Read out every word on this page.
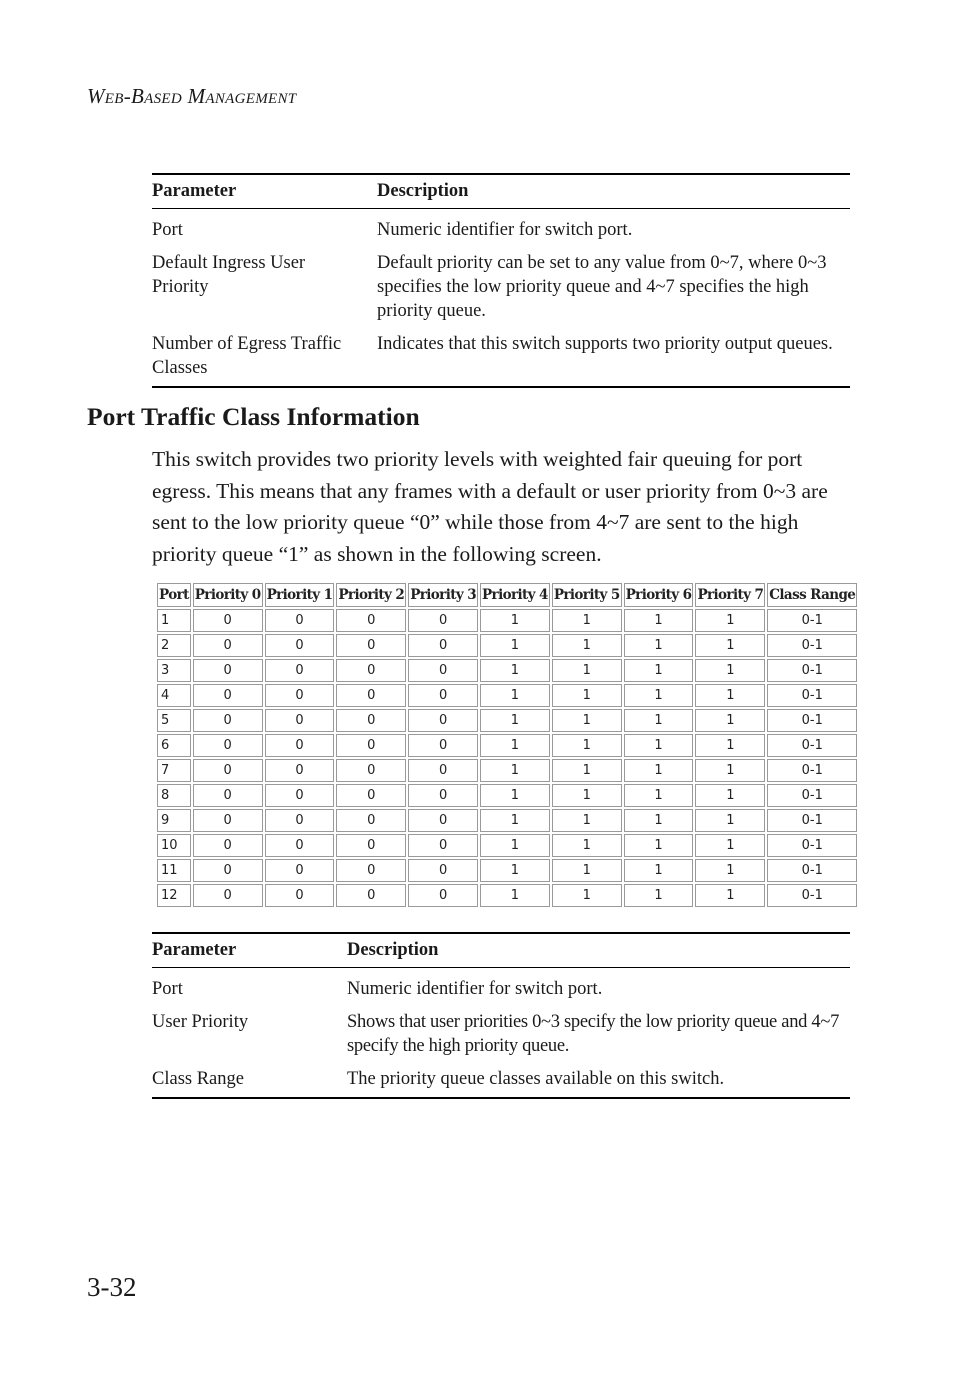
WEB-BASED MANAGEMENT
Parameter	Description
Port	Numeric identifier for switch port.
Default Ingress User Priority	Default priority can be set to any value from 0~7, where 0~3 specifies the low priority queue and 4~7 specifies the high priority queue.
Number of Egress Traffic Classes	Indicates that this switch supports two priority output queues.
Port Traffic Class Information

This switch provides two priority levels with weighted fair queuing for port egress. This means that any frames with a default or user priority from 0~3 are sent to the low priority queue “0” while those from 4~7 are sent to the high priority queue “1” as shown in the following screen.

Port	Priority 0	Priority 1	Priority 2	Priority 3	Priority 4	Priority 5	Priority 6	Priority 7	Class Range
1	0	0	0	0	1	1	1	1	0-1
2	0	0	0	0	1	1	1	1	0-1
3	0	0	0	0	1	1	1	1	0-1
4	0	0	0	0	1	1	1	1	0-1
5	0	0	0	0	1	1	1	1	0-1
6	0	0	0	0	1	1	1	1	0-1
7	0	0	0	0	1	1	1	1	0-1
8	0	0	0	0	1	1	1	1	0-1
9	0	0	0	0	1	1	1	1	0-1
10	0	0	0	0	1	1	1	1	0-1
11	0	0	0	0	1	1	1	1	0-1
12	0	0	0	0	1	1	1	1	0-1
Parameter	Description
Port	Numeric identifier for switch port.
User Priority	Shows that user priorities 0~3 specify the low priority queue and 4~7 specify the high priority queue.
Class Range	The priority queue classes available on this switch.
3-32
